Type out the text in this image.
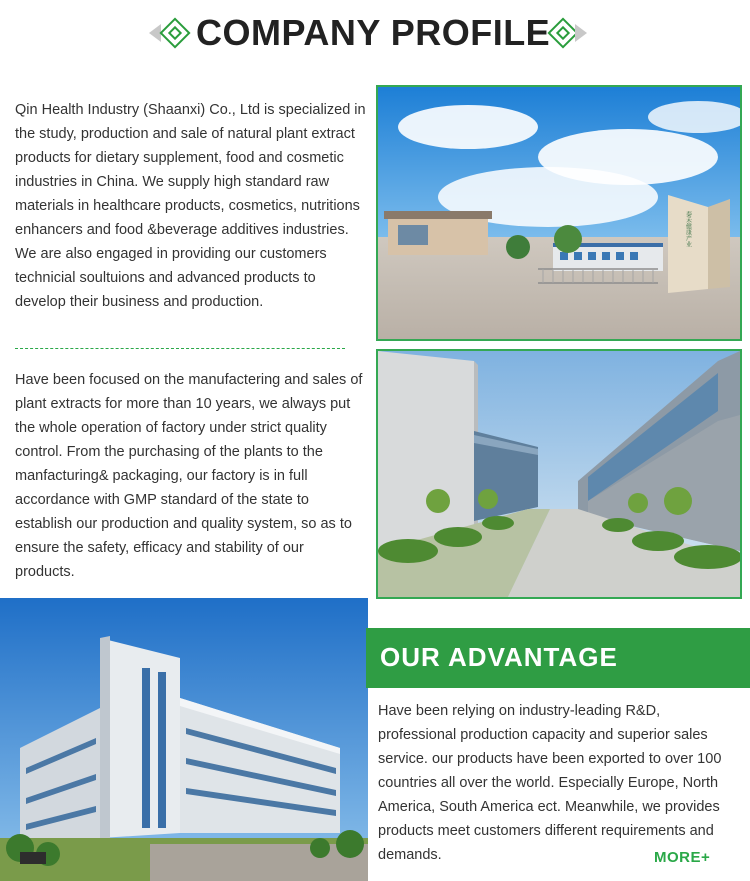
COMPANY PROFILE

Qin Health Industry (Shaanxi) Co., Ltd is specialized in the study, production and sale of natural plant extract products for dietary supplement, food and cosmetic industries in China. We supply high standard raw materials in healthcare products, cosmetics, nutritions enhancers and food &beverage additives industries. We are also engaged in providing our customers technicial soultuions and advanced products to develop their business and production.

Have been focused on the manufactering and sales of plant extracts for more than 10 years, we always put the whole operation of factory under strict quality control. From the purchasing of the plants to the manfacturing& packaging, our factory is in full accordance with GMP standard of the state to establish our production and quality system, so as to ensure the safety, efficacy and stability of our products.

秦禾健康产业
OUR ADVANTAGE

Have been relying on industry-leading R&D, professional production capacity and superior sales service. our products have been exported to over 100 countries all over the world. Especially Europe, North America, South America ect. Meanwhile, we provides products meet customers different requirements and demands.	MORE+
